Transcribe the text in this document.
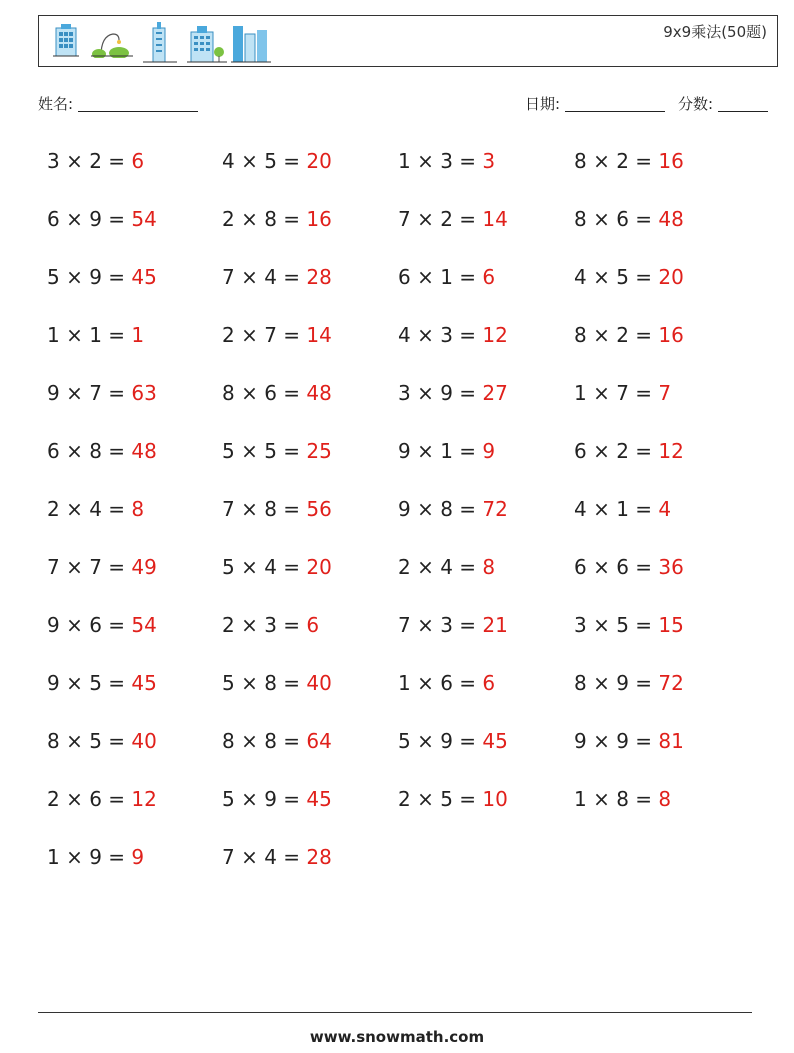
9x9乘法(50题)
姓名:	日期:	分数:
3 × 2 = 6	4 × 5 = 20	1 × 3 = 3	8 × 2 = 16
6 × 9 = 54	2 × 8 = 16	7 × 2 = 14	8 × 6 = 48
5 × 9 = 45	7 × 4 = 28	6 × 1 = 6	4 × 5 = 20
1 × 1 = 1	2 × 7 = 14	4 × 3 = 12	8 × 2 = 16
9 × 7 = 63	8 × 6 = 48	3 × 9 = 27	1 × 7 = 7
6 × 8 = 48	5 × 5 = 25	9 × 1 = 9	6 × 2 = 12
2 × 4 = 8	7 × 8 = 56	9 × 8 = 72	4 × 1 = 4
7 × 7 = 49	5 × 4 = 20	2 × 4 = 8	6 × 6 = 36
9 × 6 = 54	2 × 3 = 6	7 × 3 = 21	3 × 5 = 15
9 × 5 = 45	5 × 8 = 40	1 × 6 = 6	8 × 9 = 72
8 × 5 = 40	8 × 8 = 64	5 × 9 = 45	9 × 9 = 81
2 × 6 = 12	5 × 9 = 45	2 × 5 = 10	1 × 8 = 8
1 × 9 = 9	7 × 4 = 28
www.snowmath.com
